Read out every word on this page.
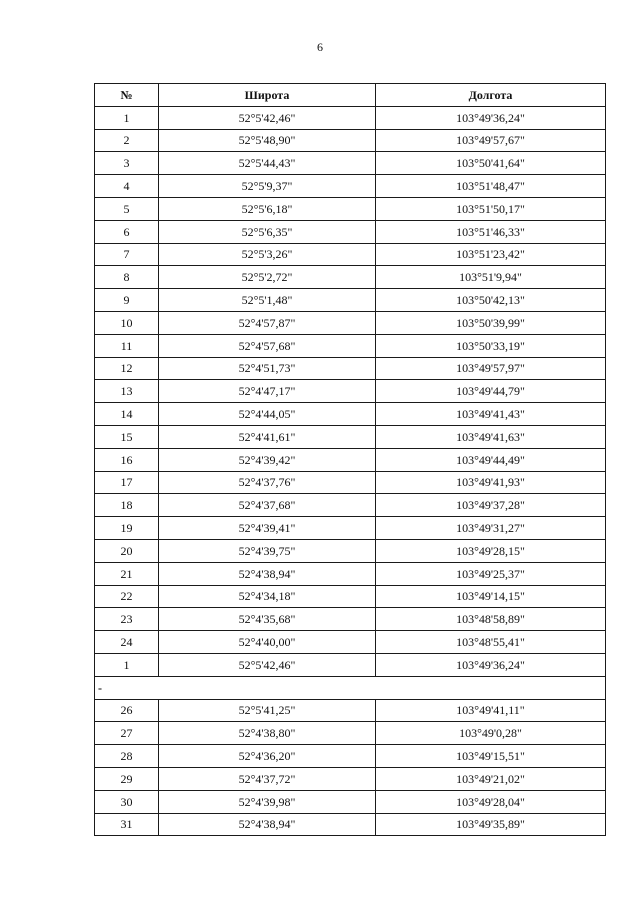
6
№	Широта	Долгота
1	52°5'42,46"	103°49'36,24"
2	52°5'48,90"	103°49'57,67"
3	52°5'44,43"	103°50'41,64"
4	52°5'9,37"	103°51'48,47"
5	52°5'6,18"	103°51'50,17"
6	52°5'6,35"	103°51'46,33"
7	52°5'3,26"	103°51'23,42"
8	52°5'2,72"	103°51'9,94"
9	52°5'1,48"	103°50'42,13"
10	52°4'57,87"	103°50'39,99"
11	52°4'57,68"	103°50'33,19"
12	52°4'51,73"	103°49'57,97"
13	52°4'47,17"	103°49'44,79"
14	52°4'44,05"	103°49'41,43"
15	52°4'41,61"	103°49'41,63"
16	52°4'39,42"	103°49'44,49"
17	52°4'37,76"	103°49'41,93"
18	52°4'37,68"	103°49'37,28"
19	52°4'39,41"	103°49'31,27"
20	52°4'39,75"	103°49'28,15"
21	52°4'38,94"	103°49'25,37"
22	52°4'34,18"	103°49'14,15"
23	52°4'35,68"	103°48'58,89"
24	52°4'40,00"	103°48'55,41"
1	52°5'42,46"	103°49'36,24"
-		
26	52°5'41,25"	103°49'41,11"
27	52°4'38,80"	103°49'0,28"
28	52°4'36,20"	103°49'15,51"
29	52°4'37,72"	103°49'21,02"
30	52°4'39,98"	103°49'28,04"
31	52°4'38,94"	103°49'35,89"
